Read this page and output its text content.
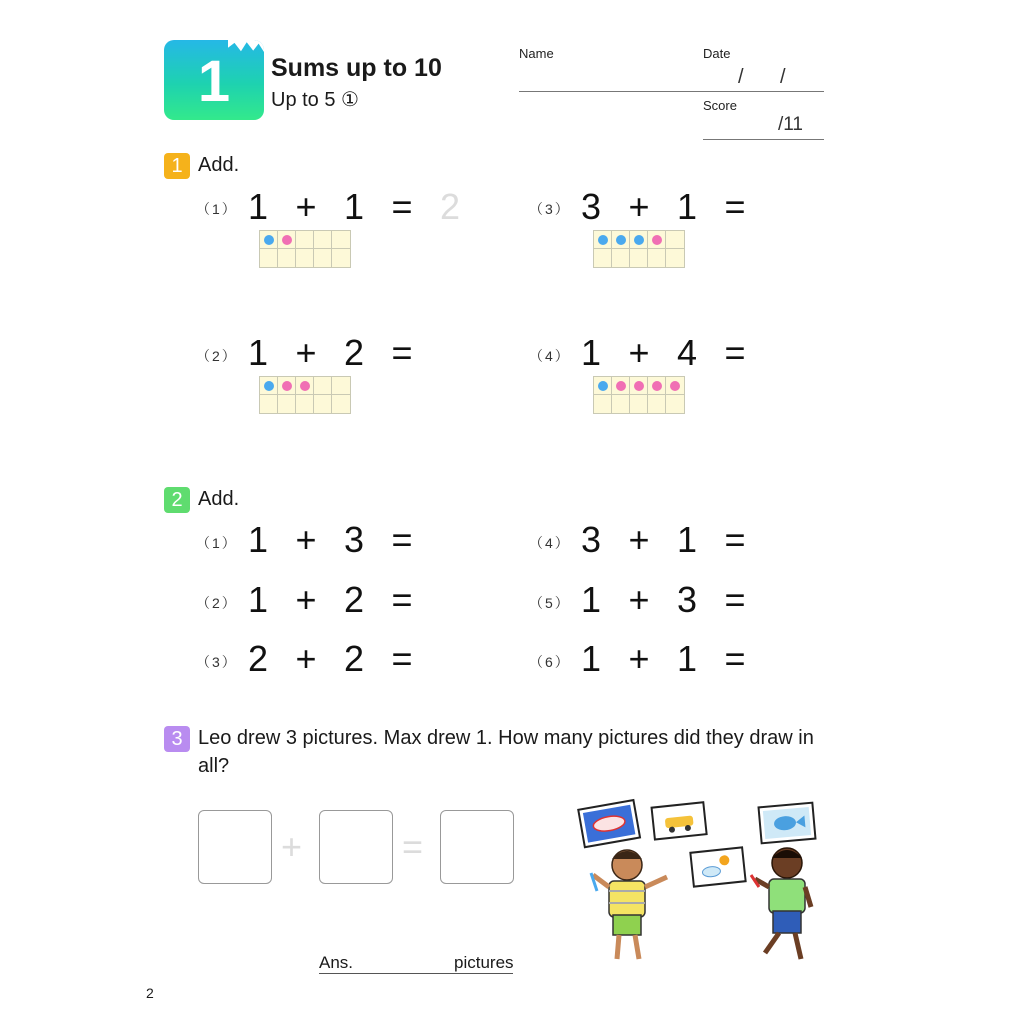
1	Sums up to 10
Up to 5 ①
Name	Date
/ /
Score
/11
1 Add.
（1） 1 + 1 = 2
（2） 1 + 2 =
（3） 3 + 1 =
（4） 1 + 4 =
2 Add.
（1） 1 + 3 =
（2） 1 + 2 =
（3） 2 + 2 =
（4） 3 + 1 =
（5） 1 + 3 =
（6） 1 + 1 =
3 Leo drew 3 pictures. Max drew 1. How many pictures did they draw in all?
+	=
Ans.	pictures
2
